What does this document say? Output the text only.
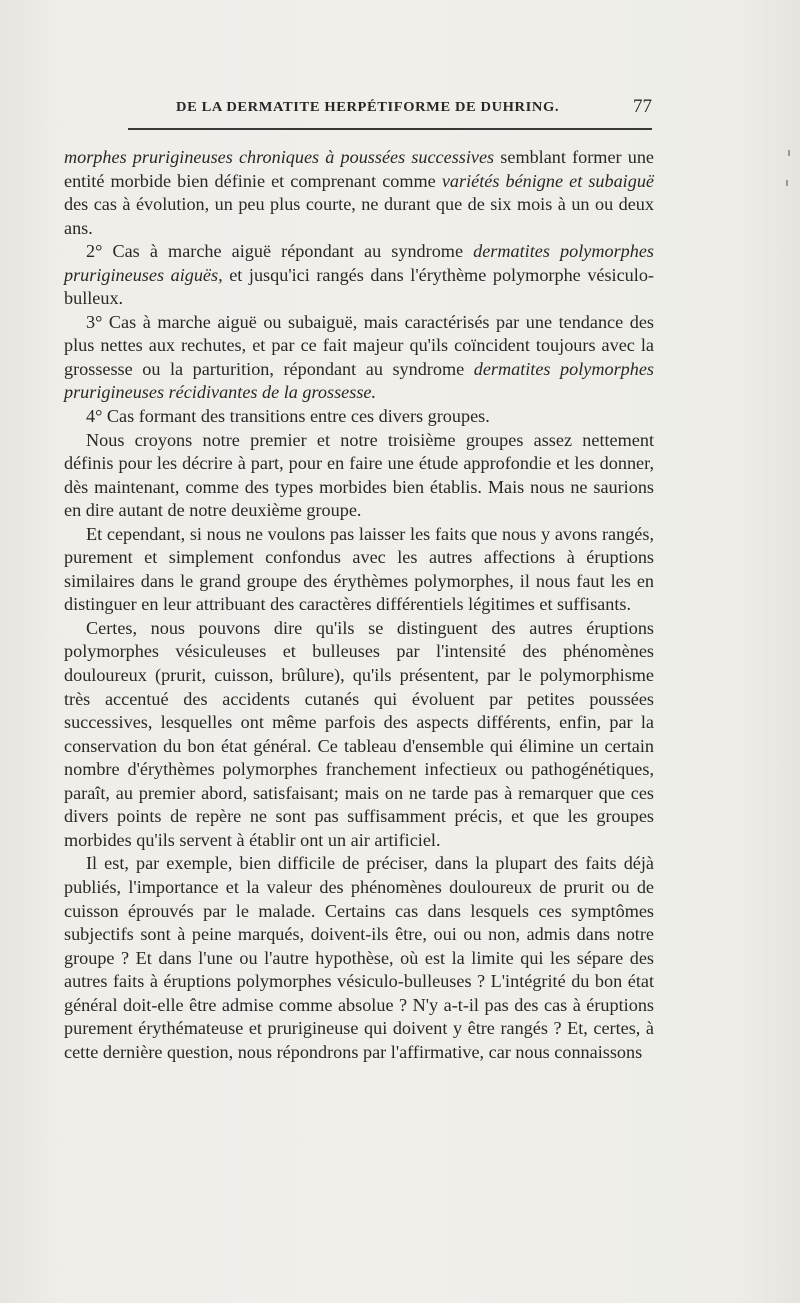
DE LA DERMATITE HERPÉTIFORME DE DUHRING.	77

morphes prurigineuses chroniques à poussées successives semblant former une entité morbide bien définie et comprenant comme variétés bénigne et subaiguë des cas à évolution, un peu plus courte, ne durant que de six mois à un ou deux ans.

2° Cas à marche aiguë répondant au syndrome dermatites polymorphes prurigineuses aiguës, et jusqu'ici rangés dans l'érythème polymorphe vésiculo-bulleux.

3° Cas à marche aiguë ou subaiguë, mais caractérisés par une tendance des plus nettes aux rechutes, et par ce fait majeur qu'ils coïncident toujours avec la grossesse ou la parturition, répondant au syndrome dermatites polymorphes prurigineuses récidivantes de la grossesse.

4° Cas formant des transitions entre ces divers groupes.

Nous croyons notre premier et notre troisième groupes assez nettement définis pour les décrire à part, pour en faire une étude approfondie et les donner, dès maintenant, comme des types morbides bien établis. Mais nous ne saurions en dire autant de notre deuxième groupe.

Et cependant, si nous ne voulons pas laisser les faits que nous y avons rangés, purement et simplement confondus avec les autres affections à éruptions similaires dans le grand groupe des érythèmes polymorphes, il nous faut les en distinguer en leur attribuant des caractères différentiels légitimes et suffisants.

Certes, nous pouvons dire qu'ils se distinguent des autres éruptions polymorphes vésiculeuses et bulleuses par l'intensité des phénomènes douloureux (prurit, cuisson, brûlure), qu'ils présentent, par le polymorphisme très accentué des accidents cutanés qui évoluent par petites poussées successives, lesquelles ont même parfois des aspects différents, enfin, par la conservation du bon état général. Ce tableau d'ensemble qui élimine un certain nombre d'érythèmes polymorphes franchement infectieux ou pathogénétiques, paraît, au premier abord, satisfaisant; mais on ne tarde pas à remarquer que ces divers points de repère ne sont pas suffisamment précis, et que les groupes morbides qu'ils servent à établir ont un air artificiel.

Il est, par exemple, bien difficile de préciser, dans la plupart des faits déjà publiés, l'importance et la valeur des phénomènes douloureux de prurit ou de cuisson éprouvés par le malade. Certains cas dans lesquels ces symptômes subjectifs sont à peine marqués, doivent-ils être, oui ou non, admis dans notre groupe ? Et dans l'une ou l'autre hypothèse, où est la limite qui les sépare des autres faits à éruptions polymorphes vésiculo-bulleuses ? L'intégrité du bon état général doit-elle être admise comme absolue ? N'y a-t-il pas des cas à éruptions purement érythémateuse et prurigineuse qui doivent y être rangés ? Et, certes, à cette dernière question, nous répondrons par l'affirmative, car nous connaissons
